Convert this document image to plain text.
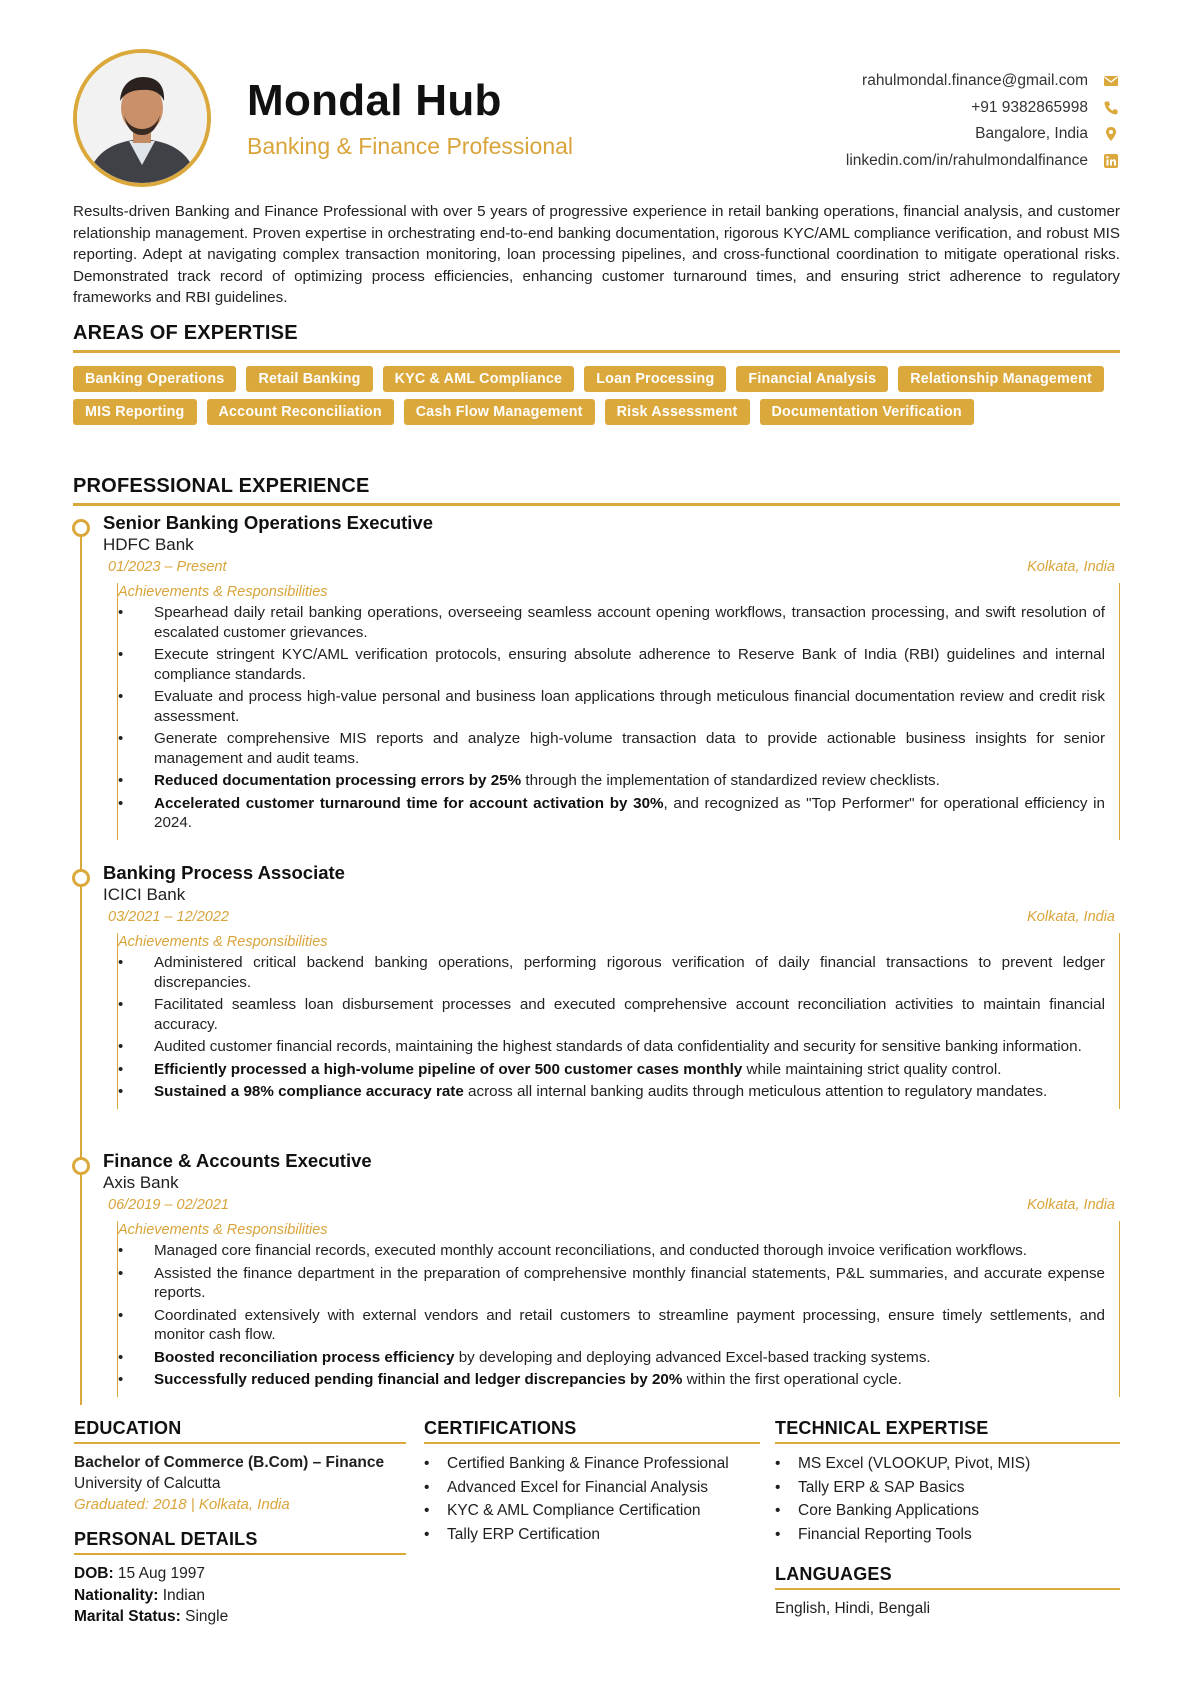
Mondal Hub
Banking & Finance Professional
rahulmondal.finance@gmail.com
+91 9382865998
Bangalore, India
linkedin.com/in/rahulmondalfinance

Results-driven Banking and Finance Professional with over 5 years of progressive experience in retail banking operations, financial analysis, and customer relationship management. Proven expertise in orchestrating end-to-end banking documentation, rigorous KYC/AML compliance verification, and robust MIS reporting. Adept at navigating complex transaction monitoring, loan processing pipelines, and cross-functional coordination to mitigate operational risks. Demonstrated track record of optimizing process efficiencies, enhancing customer turnaround times, and ensuring strict adherence to regulatory frameworks and RBI guidelines.

AREAS OF EXPERTISE
Banking Operations	Retail Banking	KYC & AML Compliance	Loan Processing	Financial Analysis	Relationship Management
MIS Reporting	Account Reconciliation	Cash Flow Management	Risk Assessment	Documentation Verification
PROFESSIONAL EXPERIENCE
Senior Banking Operations Executive
HDFC Bank
01/2023 – Present	Kolkata, India
Achievements & Responsibilities
• Spearhead daily retail banking operations, overseeing seamless account opening workflows, transaction processing, and swift resolution of escalated customer grievances.
• Execute stringent KYC/AML verification protocols, ensuring absolute adherence to Reserve Bank of India (RBI) guidelines and internal compliance standards.
• Evaluate and process high-value personal and business loan applications through meticulous financial documentation review and credit risk assessment.
• Generate comprehensive MIS reports and analyze high-volume transaction data to provide actionable business insights for senior management and audit teams.
• Reduced documentation processing errors by 25% through the implementation of standardized review checklists.
• Accelerated customer turnaround time for account activation by 30%, and recognized as "Top Performer" for operational efficiency in 2024.
Banking Process Associate
ICICI Bank
03/2021 – 12/2022	Kolkata, India
Achievements & Responsibilities
• Administered critical backend banking operations, performing rigorous verification of daily financial transactions to prevent ledger discrepancies.
• Facilitated seamless loan disbursement processes and executed comprehensive account reconciliation activities to maintain financial accuracy.
• Audited customer financial records, maintaining the highest standards of data confidentiality and security for sensitive banking information.
• Efficiently processed a high-volume pipeline of over 500 customer cases monthly while maintaining strict quality control.
• Sustained a 98% compliance accuracy rate across all internal banking audits through meticulous attention to regulatory mandates.
Finance & Accounts Executive
Axis Bank
06/2019 – 02/2021	Kolkata, India
Achievements & Responsibilities
• Managed core financial records, executed monthly account reconciliations, and conducted thorough invoice verification workflows.
• Assisted the finance department in the preparation of comprehensive monthly financial statements, P&L summaries, and accurate expense reports.
• Coordinated extensively with external vendors and retail customers to streamline payment processing, ensure timely settlements, and monitor cash flow.
• Boosted reconciliation process efficiency by developing and deploying advanced Excel-based tracking systems.
• Successfully reduced pending financial and ledger discrepancies by 20% within the first operational cycle.
EDUCATION
Bachelor of Commerce (B.Com) – Finance
University of Calcutta
Graduated: 2018 | Kolkata, India
PERSONAL DETAILS
DOB: 15 Aug 1997
Nationality: Indian
Marital Status: Single
CERTIFICATIONS
• Certified Banking & Finance Professional
• Advanced Excel for Financial Analysis
• KYC & AML Compliance Certification
• Tally ERP Certification
TECHNICAL EXPERTISE
• MS Excel (VLOOKUP, Pivot, MIS)
• Tally ERP & SAP Basics
• Core Banking Applications
• Financial Reporting Tools
LANGUAGES
English, Hindi, Bengali
